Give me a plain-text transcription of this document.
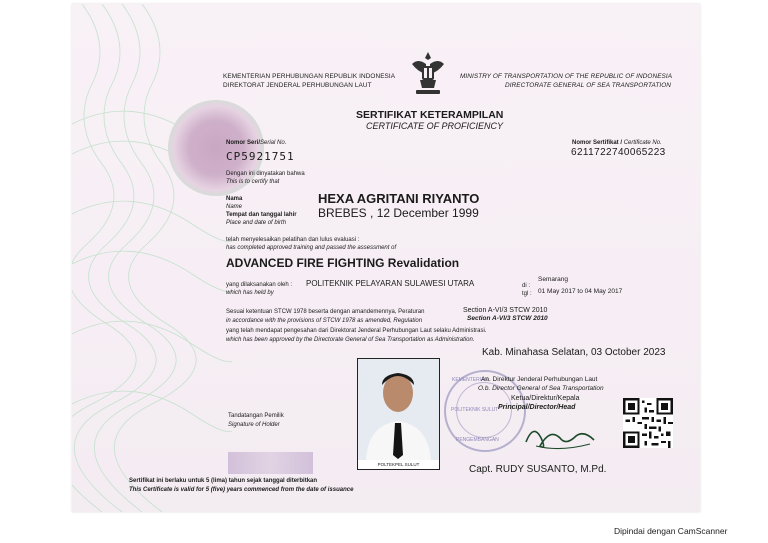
KEMENTERIAN PERHUBUNGAN REPUBLIK INDONESIA
DIREKTORAT JENDERAL PERHUBUNGAN LAUT
MINISTRY OF TRANSPORTATION OF THE REPUBLIC OF INDONESIA
DIRECTORATE GENERAL OF SEA TRANSPORTATION
SERTIFIKAT KETERAMPILAN
CERTIFICATE OF PROFICIENCY
Nomor Seri/Serial No.
CP5921751
Nomor Sertifikat / Certificate No.
6211722740065223
Dengan ini dinyatakan bahwa
This is to certify that
Nama
Name
HEXA AGRITANI RIYANTO
Tempat dan tanggal lahir
Place and date of birth
BREBES , 12 December 1999
telah menyelesaikan pelatihan dan lulus evaluasi :
has completed approved training and passed the assessment of
ADVANCED FIRE FIGHTING Revalidation
yang dilaksanakan oleh :
which has held by
POLITEKNIK PELAYARAN SULAWESI UTARA	di :
Semarang
tgl : 01 May 2017 to 04 May 2017
Sesuai ketentuan STCW 1978 beserta dengan amandemennya, Peraturan	Section A-VI/3 STCW 2010
in accordance with the provisions of STCW 1978 as amended, Regulation	Section A-VI/3 STCW 2010
yang telah mendapat pengesahan dari Direktorat Jenderal Perhubungan Laut selaku Administrasi.
which has been approved by the Directorate General of Sea Transportation as Administration.
Kab. Minahasa Selatan, 03 October 2023
POLTEKPEL SULUT
KEMENTERIAN
POLITEKNIK SULUT
PENGEMBANGAN
An. Direktur Jenderal Perhubungan Laut
O.b. Director General of Sea Transportation
Ketua/Direktur/Kepala
Principal/Director/Head
Capt. RUDY SUSANTO, M.Pd.
Tandatangan Pemilik
Signature of Holder
Sertifikat ini berlaku untuk 5 (lima) tahun sejak tanggal diterbitkan
This Certificate is valid for 5 (five) years commenced from the date of issuance
Dipindai dengan CamScanner
